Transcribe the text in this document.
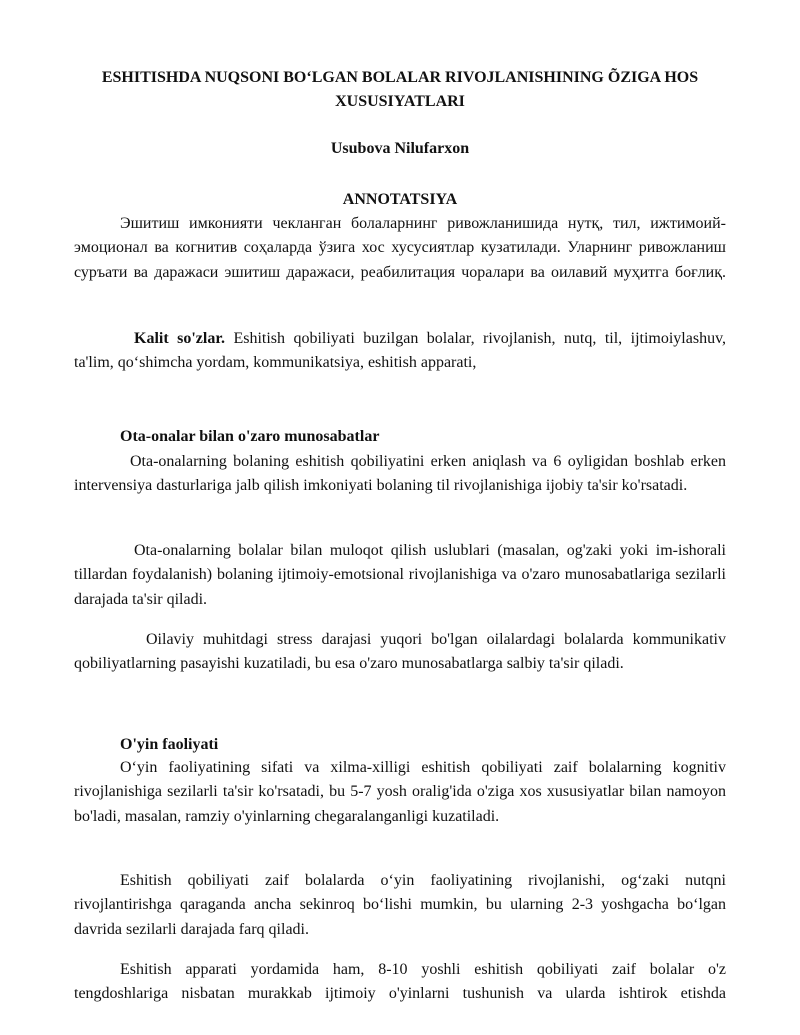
ESHITISHDA NUQSONI BO‘LGAN BOLALAR RIVOJLANISHINING ÕZIGA HOS XUSUSIYATLARI
Usubova Nilufarxon
ANNOTATSIYA

Эшитиш имконияти чекланган болаларнинг ривожланишида нутқ, тил, ижтимоий-эмоционал ва когнитив соҳаларда ўзига хос хусусиятлар кузатилади. Уларнинг ривожланиш суръати ва даражаси эшитиш даражаси, реабилитация чоралари ва оилавий муҳитга боғлиқ.

Kalit so'zlar. Eshitish qobiliyati buzilgan bolalar, rivojlanish, nutq, til, ijtimoiylashuv, ta'lim, qo‘shimcha yordam, kommunikatsiya, eshitish apparati,

Ota-onalar bilan o'zaro munosabatlar

Ota-onalarning bolaning eshitish qobiliyatini erken aniqlash va 6 oyligidan boshlab erken intervensiya dasturlariga jalb qilish imkoniyati bolaning til rivojlanishiga ijobiy ta'sir ko'rsatadi.

Ota-onalarning bolalar bilan muloqot qilish uslublari (masalan, og'zaki yoki im-ishorali tillardan foydalanish) bolaning ijtimoiy-emotsional rivojlanishiga va o'zaro munosabatlariga sezilarli darajada ta'sir qiladi.

Oilaviy muhitdagi stress darajasi yuqori bo'lgan oilalardagi bolalarda kommunikativ qobiliyatlarning pasayishi kuzatiladi, bu esa o'zaro munosabatlarga salbiy ta'sir qiladi.

O'yin faoliyati

O‘yin faoliyatining sifati va xilma-xilligi eshitish qobiliyati zaif bolalarning kognitiv rivojlanishiga sezilarli ta'sir ko'rsatadi, bu 5-7 yosh oralig'ida o'ziga xos xususiyatlar bilan namoyon bo'ladi, masalan, ramziy o'yinlarning chegaralanganligi kuzatiladi.

Eshitish qobiliyati zaif bolalarda o‘yin faoliyatining rivojlanishi, og‘zaki nutqni rivojlantirishga qaraganda ancha sekinroq bo‘lishi mumkin, bu ularning 2-3 yoshgacha bo‘lgan davrida sezilarli darajada farq qiladi.

Eshitish apparati yordamida ham, 8-10 yoshli eshitish qobiliyati zaif bolalar o'z tengdoshlariga nisbatan murakkab ijtimoiy o'yinlarni tushunish va ularda ishtirok etishda
